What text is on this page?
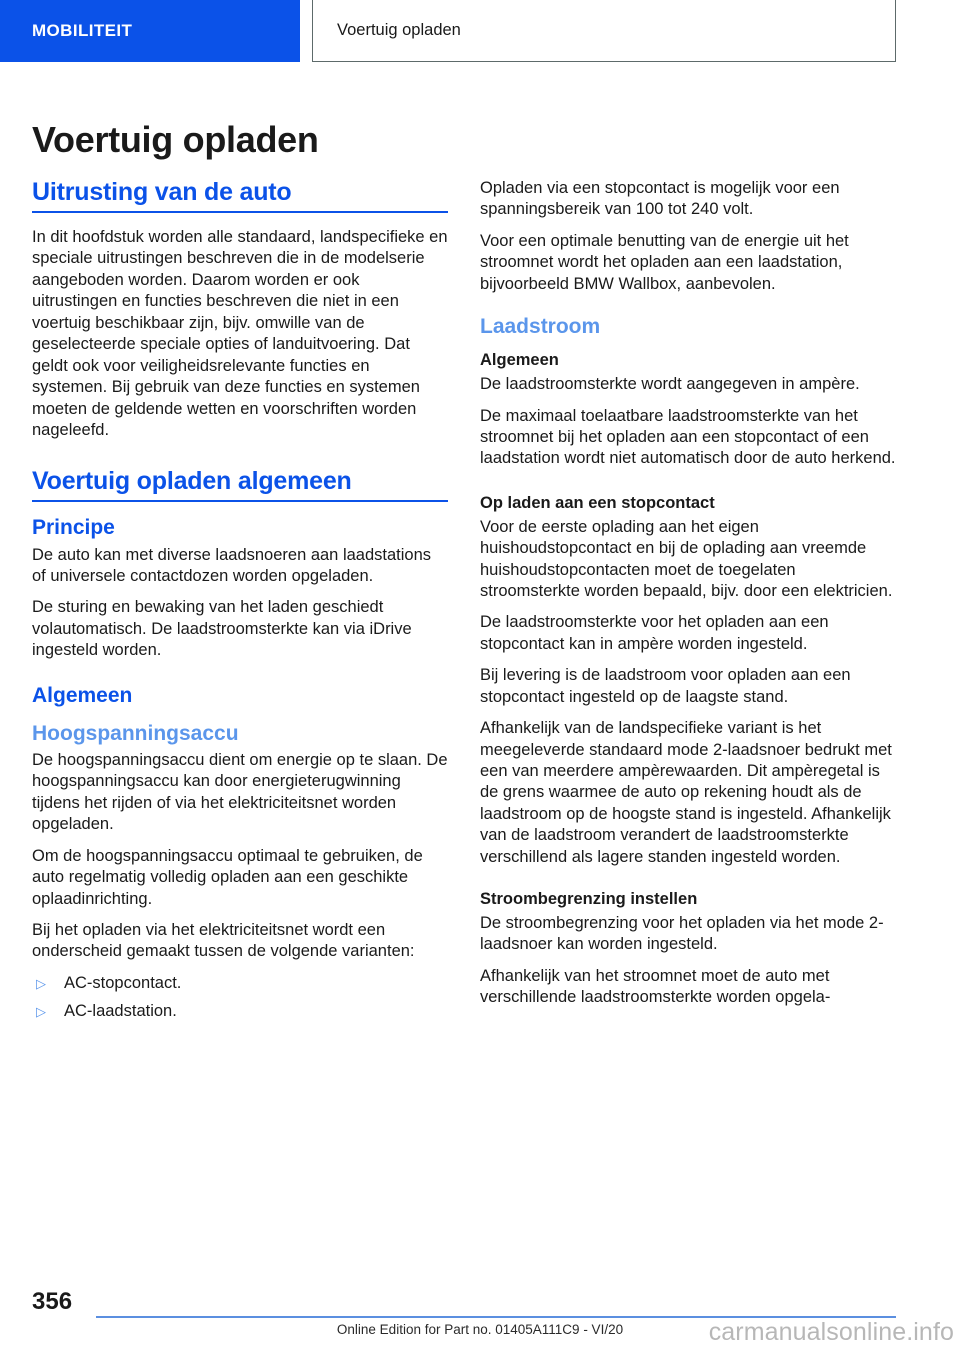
MOBILITEIT	Voertuig opladen
Voertuig opladen
Uitrusting van de auto

In dit hoofdstuk worden alle standaard, landspecifieke en speciale uitrustingen beschreven die in de modelserie aangeboden worden. Daarom worden er ook uitrustingen en functies beschreven die niet in een voertuig beschikbaar zijn, bijv. omwille van de geselecteerde speciale opties of landuitvoering. Dat geldt ook voor veiligheidsrelevante functies en systemen. Bij gebruik van deze functies en systemen moeten de geldende wetten en voorschriften worden nageleefd.

Voertuig opladen algemeen
Principe

De auto kan met diverse laadsnoeren aan laadstations of universele contactdozen worden opgeladen.

De sturing en bewaking van het laden geschiedt volautomatisch. De laadstroomsterkte kan via iDrive ingesteld worden.

Algemeen
Hoogspanningsaccu

De hoogspanningsaccu dient om energie op te slaan. De hoogspanningsaccu kan door energieterugwinning tijdens het rijden of via het elektriciteitsnet worden opgeladen.

Om de hoogspanningsaccu optimaal te gebruiken, de auto regelmatig volledig opladen aan een geschikte oplaadinrichting.

Bij het opladen via het elektriciteitsnet wordt een onderscheid gemaakt tussen de volgende varianten:

▷ AC-stopcontact.
▷ AC-laadstation.

Opladen via een stopcontact is mogelijk voor een spanningsbereik van 100 tot 240 volt.

Voor een optimale benutting van de energie uit het stroomnet wordt het opladen aan een laadstation, bijvoorbeeld BMW Wallbox, aanbevolen.

Laadstroom
Algemeen

De laadstroomsterkte wordt aangegeven in ampère.

De maximaal toelaatbare laadstroomsterkte van het stroomnet bij het opladen aan een stopcontact of een laadstation wordt niet automatisch door de auto herkend.

Op laden aan een stopcontact

Voor de eerste oplading aan het eigen huishoudstopcontact en bij de oplading aan vreemde huishoudstopcontacten moet de toegelaten stroomsterkte worden bepaald, bijv. door een elektricien.

De laadstroomsterkte voor het opladen aan een stopcontact kan in ampère worden ingesteld.

Bij levering is de laadstroom voor opladen aan een stopcontact ingesteld op de laagste stand.

Afhankelijk van de landspecifieke variant is het meegeleverde standaard mode 2-laadsnoer bedrukt met een van meerdere ampèrewaarden. Dit ampèregetal is de grens waarmee de auto op rekening houdt als de laadstroom op de hoogste stand is ingesteld. Afhankelijk van de laadstroom verandert de laadstroomsterkte verschillend als lagere standen ingesteld worden.

Stroombegrenzing instellen

De stroombegrenzing voor het opladen via het mode 2-laadsnoer kan worden ingesteld.

Afhankelijk van het stroomnet moet de auto met verschillende laadstroomsterkte worden opgela-

356
Online Edition for Part no. 01405A111C9 - VI/20	carmanualsonline.info
